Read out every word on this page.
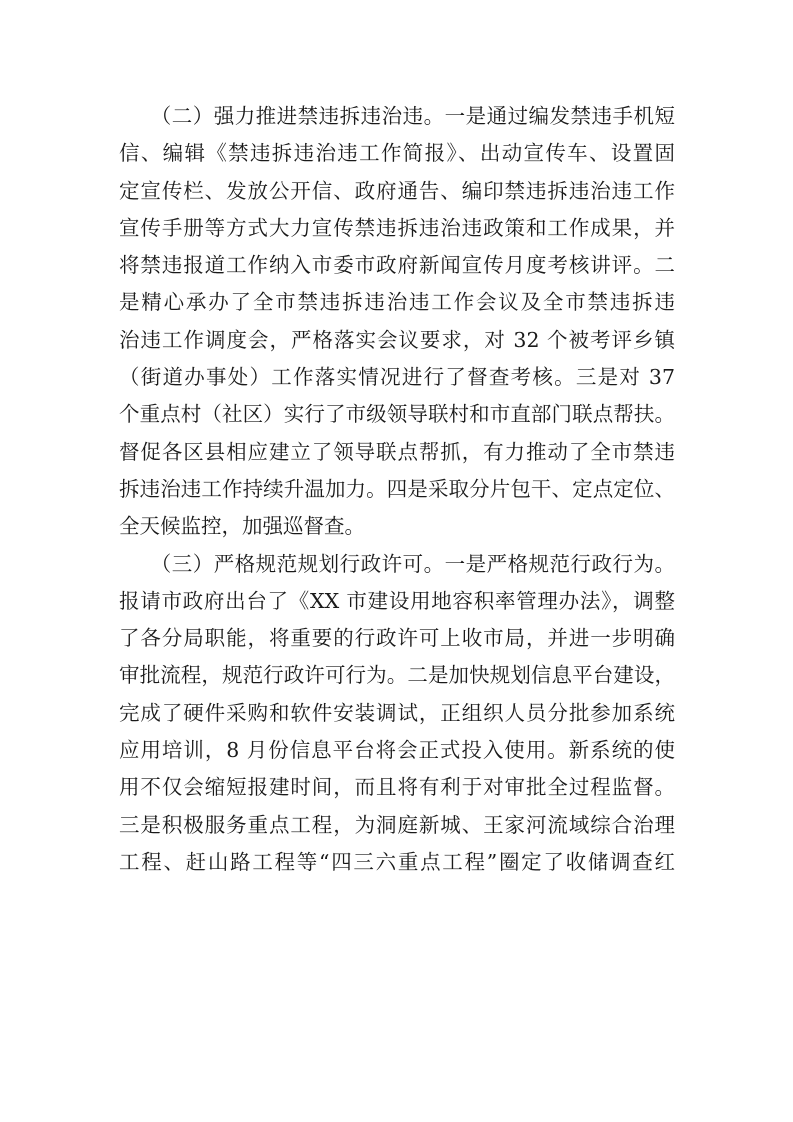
　　（二）强力推进禁违拆违治违。一是通过编发禁违手机短
信、编辑《禁违拆违治违工作简报》、出动宣传车、设置固
定宣传栏、发放公开信、政府通告、编印禁违拆违治违工作
宣传手册等方式大力宣传禁违拆违治违政策和工作成果，并
将禁违报道工作纳入市委市政府新闻宣传月度考核讲评。二
是精心承办了全市禁违拆违治违工作会议及全市禁违拆违
治违工作调度会，严格落实会议要求，对 32 个被考评乡镇
（街道办事处）工作落实情况进行了督查考核。三是对 37
个重点村（社区）实行了市级领导联村和市直部门联点帮扶。
督促各区县相应建立了领导联点帮抓，有力推动了全市禁违
拆违治违工作持续升温加力。四是采取分片包干、定点定位、
全天候监控，加强巡督查。
　　（三）严格规范规划行政许可。一是严格规范行政行为。
报请市政府出台了《XX 市建设用地容积率管理办法》，调整
了各分局职能，将重要的行政许可上收市局，并进一步明确
审批流程，规范行政许可行为。二是加快规划信息平台建设，
完成了硬件采购和软件安装调试，正组织人员分批参加系统
应用培训，8 月份信息平台将会正式投入使用。新系统的使
用不仅会缩短报建时间，而且将有利于对审批全过程监督。
三是积极服务重点工程，为洞庭新城、王家河流域综合治理
工程、赶山路工程等“四三六重点工程”圈定了收储调查红
